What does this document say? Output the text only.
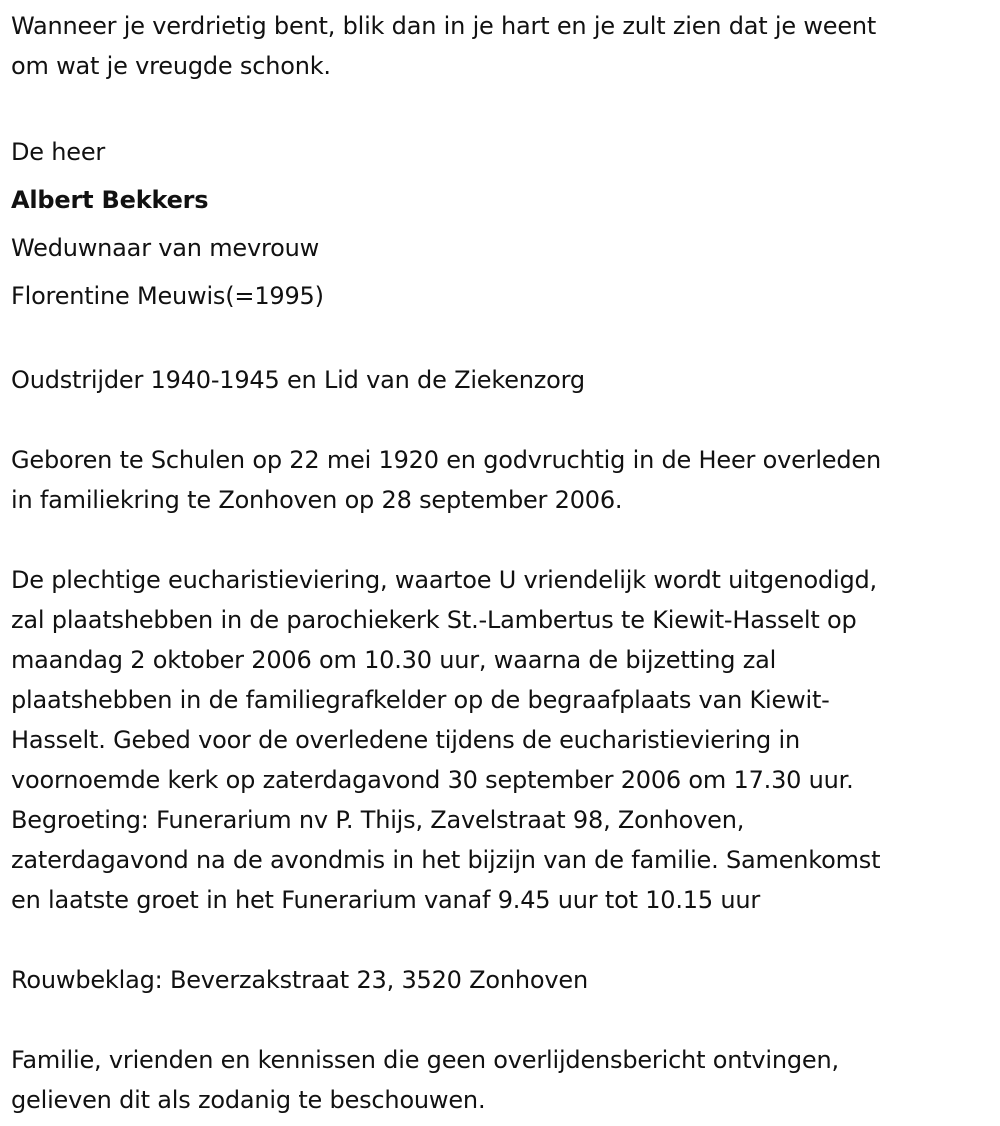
Wanneer je verdrietig bent, blik dan in je hart en je zult zien dat je weent
om wat je vreugde schonk.
De heer
Albert Bekkers
Weduwnaar van mevrouw
Florentine Meuwis(=1995)
Oudstrijder 1940-1945 en Lid van de Ziekenzorg
Geboren te Schulen op 22 mei 1920 en godvruchtig in de Heer overleden
in familiekring te Zonhoven op 28 september 2006.
De plechtige eucharistieviering, waartoe U vriendelijk wordt uitgenodigd,
zal plaatshebben in de parochiekerk St.-Lambertus te Kiewit-Hasselt op
maandag 2 oktober 2006 om 10.30 uur, waarna de bijzetting zal
plaatshebben in de familiegrafkelder op de begraafplaats van Kiewit-
Hasselt. Gebed voor de overledene tijdens de eucharistieviering in
voornoemde kerk op zaterdagavond 30 september 2006 om 17.30 uur.
Begroeting: Funerarium nv P. Thijs, Zavelstraat 98, Zonhoven,
zaterdagavond na de avondmis in het bijzijn van de familie. Samenkomst
en laatste groet in het Funerarium vanaf 9.45 uur tot 10.15 uur
Rouwbeklag: Beverzakstraat 23, 3520 Zonhoven
Familie, vrienden en kennissen die geen overlijdensbericht ontvingen,
gelieven dit als zodanig te beschouwen.
